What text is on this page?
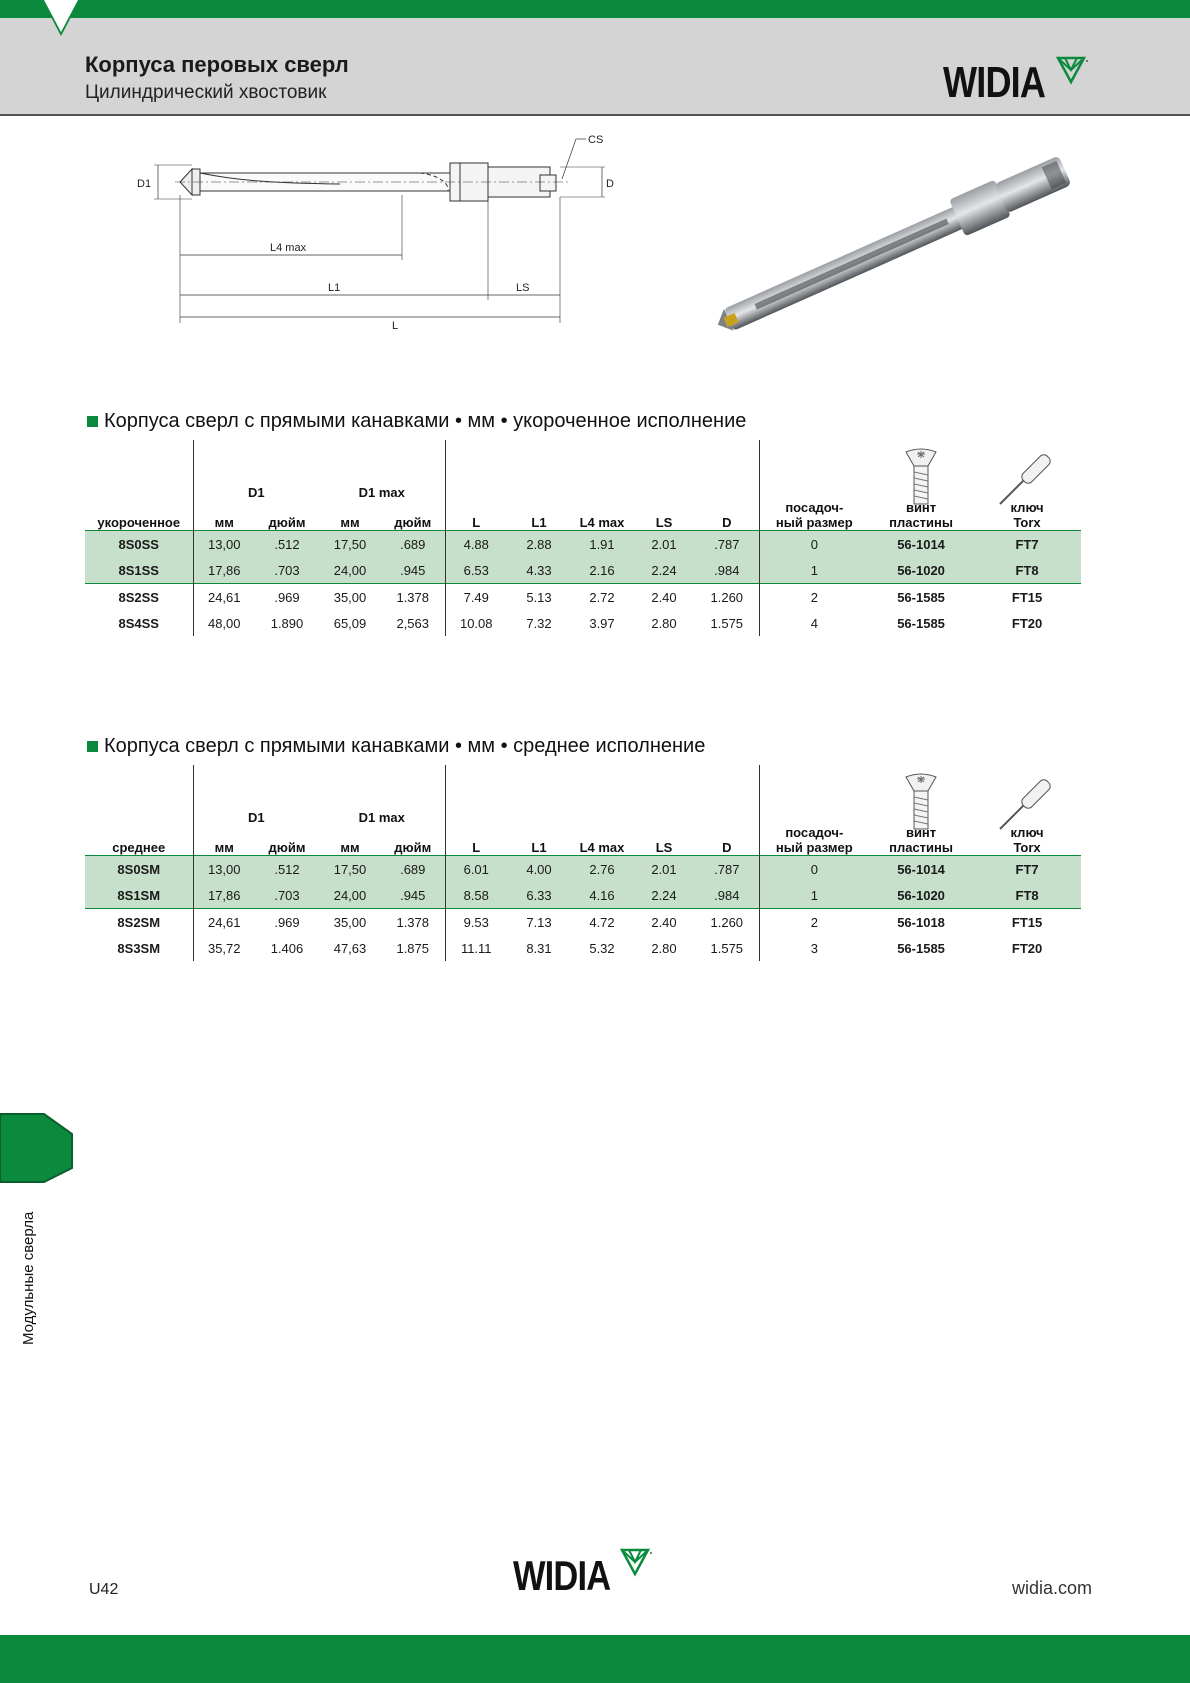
Корпуса перовых сверл
Цилиндрический хвостовик	WIDIA
D1	D
CS
L4 max
L1	LS
L
Корпуса сверл с прямыми канавками • мм • укороченное исполнение
	D1		D1 max			

укороченное	мм	дюйм	мм	дюйм	L	L1	L4 max	LS	D	посадоч-
ный размер	винт
пластины	ключ
Torx
8S0SS	13,00	.512	17,50	.689	4.88	2.88	1.91	2.01	.787	0	56-1014	FT7
8S1SS	17,86	.703	24,00	.945	6.53	4.33	2.16	2.24	.984	1	56-1020	FT8
8S2SS	24,61	.969	35,00	1.378	7.49	5.13	2.72	2.40	1.260	2	56-1585	FT15
8S4SS	48,00	1.890	65,09	2,563	10.08	7.32	3.97	2.80	1.575	4	56-1585	FT20
Корпуса сверл с прямыми канавками • мм • среднее исполнение
	D1		D1 max			

среднее	мм	дюйм	мм	дюйм	L	L1	L4 max	LS	D	посадоч-
ный размер	винт
пластины	ключ
Torx
8S0SM	13,00	.512	17,50	.689	6.01	4.00	2.76	2.01	.787	0	56-1014	FT7
8S1SM	17,86	.703	24,00	.945	8.58	6.33	4.16	2.24	.984	1	56-1020	FT8
8S2SM	24,61	.969	35,00	1.378	9.53	7.13	4.72	2.40	1.260	2	56-1018	FT15
8S3SM	35,72	1.406	47,63	1.875	11.11	8.31	5.32	2.80	1.575	3	56-1585	FT20
Модульные сверла
U42	WIDIA	widia.com
